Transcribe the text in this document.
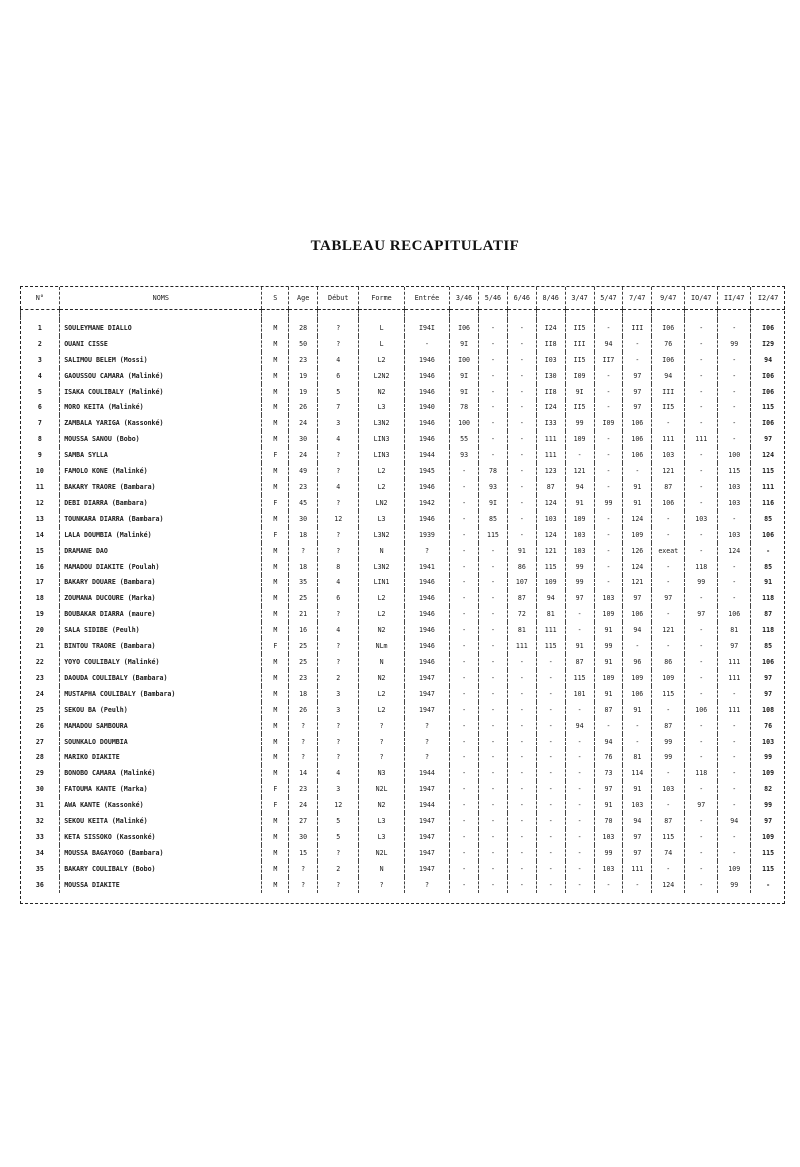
TABLEAU RECAPITULATIF
N°	NOMS	S	Age	Début	Forme	Entrée	3/46	5/46	6/46	8/46	3/47	5/47	7/47	9/47	IO/47	II/47	I2/47

1	SOULEYMANE DIALLO	M	28	?	L	I94I	I06	-	-	I24	II5	-	III	I06	-	-	I06
2	OUANI CISSE	M	50	?	L	-	9I	-	-	II8	III	94	-	76	-	99	I29
3	SALIMOU BELEM (Mossi)	M	23	4	L2	1946	I00	-	-	I03	II5	II7	-	I06	-	-	94
4	GAOUSSOU CAMARA (Malinké)	M	19	6	L2N2	1946	9I	-	-	I30	I09	-	97	94	-	-	I06
5	ISAKA COULIBALY (Malinké)	M	19	5	N2	1946	9I	-	-	II8	9I	-	97	III	-	-	I06
6	MORO KEITA (Malinké)	M	26	7	L3	1940	78	-	-	I24	II5	-	97	II5	-	-	115
7	ZAMBALA YARIGA (Kassonké)	M	24	3	L3N2	1946	100	-	-	I33	99	I09	106	-	-	-	I06
8	MOUSSA SANOU (Bobo)	M	30	4	LIN3	1946	55	-	-	111	109	-	106	111	111	-	97
9	SAMBA SYLLA	F	24	?	LIN3	1944	93	-	-	111	-	-	106	103	-	100	124
10	FAMOLO KONE (Malinké)	M	49	?	L2	1945	-	78	-	123	121	-	-	121	-	115	115
11	BAKARY TRAORE (Bambara)	M	23	4	L2	1946	-	93	-	87	94	-	91	87	-	103	111
12	DEBI DIARRA (Bambara)	F	45	?	LN2	1942	-	9I	-	124	91	99	91	106	-	103	116
13	TOUNKARA DIARRA (Bambara)	M	30	12	L3	1946	-	85	-	103	109	-	124	-	103	-	85
14	LALA DOUMBIA (Malinké)	F	18	?	L3N2	1939	-	115	-	124	103	-	109	-	-	103	106
15	DRAMANE DAO	M	?	?	N	?	-	-	91	121	103	-	126	exeat	-	124	-
16	MAMADOU DIAKITE (Poulah)	M	18	8	L3N2	1941	-	-	86	115	99	-	124	-	118	-	85
17	BAKARY DOUARE (Bambara)	M	35	4	LIN1	1946	-	-	107	109	99	-	121	-	99	-	91
18	ZOUMANA DUCOURE (Marka)	M	25	6	L2	1946	-	-	87	94	97	103	97	97	-	-	118
19	BOUBAKAR DIARRA (maure)	M	21	?	L2	1946	-	-	72	81	-	109	106	-	97	106	87
20	SALA SIDIBE (Peulh)	M	16	4	N2	1946	-	-	81	111	-	91	94	121	-	81	118
21	BINTOU TRAORE (Bambara)	F	25	?	NLm	1946	-	-	111	115	91	99	-	-	-	97	85
22	YOYO COULIBALY (Malinké)	M	25	?	N	1946	-	-	-	-	87	91	96	86	-	111	106
23	DAOUDA COULIBALY (Bambara)	M	23	2	N2	1947	-	-	-	-	115	109	109	109	-	111	97
24	MUSTAPHA COULIBALY (Bambara)	M	18	3	L2	1947	-	-	-	-	101	91	106	115	-	-	97
25	SEKOU BA (Peulh)	M	26	3	L2	1947	-	-	-	-	-	87	91	-	106	111	108
26	MAMADOU SAMBOURA	M	?	?	?	?	-	-	-	-	94	-	-	87	-	-	76
27	SOUNKALO DOUMBIA	M	?	?	?	?	-	-	-	-	-	94	-	99	-	-	103
28	MARIKO DIAKITE	M	?	?	?	?	-	-	-	-	-	76	81	99	-	-	99
29	BONOBO CAMARA (Malinké)	M	14	4	N3	1944	-	-	-	-	-	73	114	-	118	-	109
30	FATOUMA KANTE (Marka)	F	23	3	N2L	1947	-	-	-	-	-	97	91	103	-	-	82
31	AWA KANTE (Kassonké)	F	24	12	N2	1944	-	-	-	-	-	91	103	-	97	-	99
32	SEKOU KEITA (Malinké)	M	27	5	L3	1947	-	-	-	-	-	70	94	87	-	94	97
33	KETA SISSOKO (Kassonké)	M	30	5	L3	1947	-	-	-	-	-	103	97	115	-	-	109
34	MOUSSA BAGAYOGO (Bambara)	M	15	?	N2L	1947	-	-	-	-	-	99	97	74	-	-	115
35	BAKARY COULIBALY (Bobo)	M	?	2	N	1947	-	-	-	-	-	103	111	-	-	109	115
36	MOUSSA DIAKITE	M	?	?	?	?	-	-	-	-	-	-	-	124	-	99	-
